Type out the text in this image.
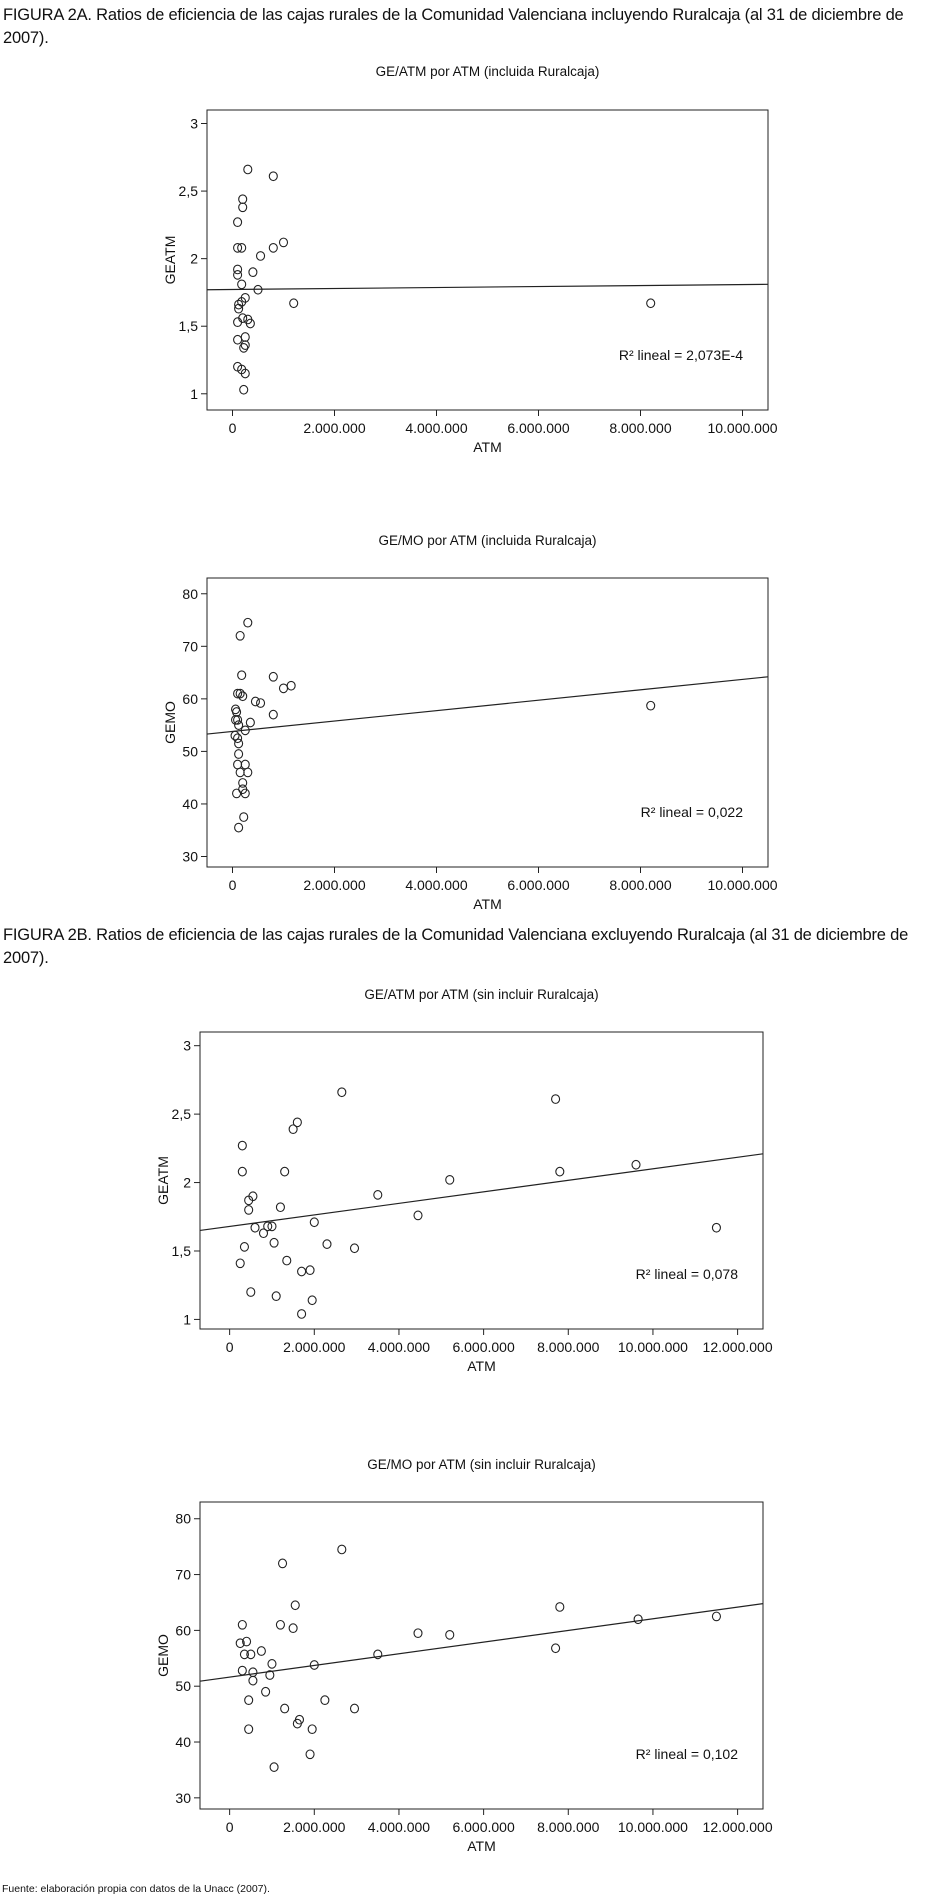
FIGURA 2A. Ratios de eficiencia de las cajas rurales de la Comunidad Valenciana incluyendo Ruralcaja (al 31 de diciembre de 2007).
GE/ATM por ATM (incluida Ruralcaja)
1
1,5
2
2,5
3
0	2.000.000	4.000.000	6.000.000	8.000.000	10.000.000
ATM
GEATM
R² lineal = 2,073E-4
GE/MO por ATM (incluida Ruralcaja)
30
40
50
60
70
80
0	2.000.000	4.000.000	6.000.000	8.000.000	10.000.000
ATM
GEMO
R² lineal = 0,022
FIGURA 2B. Ratios de eficiencia de las cajas rurales de la Comunidad Valenciana excluyendo Ruralcaja (al 31 de diciembre de 2007).
GE/ATM por ATM (sin incluir Ruralcaja)
1
1,5
2
2,5
3
0	2.000.000 4.000.000 6.000.000 8.000.000 10.000.000 12.000.000
ATM
GEATM
R² lineal = 0,078
GE/MO por ATM (sin incluir Ruralcaja)
30
40
50
60
70
80
0	2.000.000 4.000.000 6.000.000 8.000.000 10.000.000 12.000.000
ATM
GEMO
R² lineal = 0,102
Fuente: elaboración propia con datos de la Unacc (2007).
